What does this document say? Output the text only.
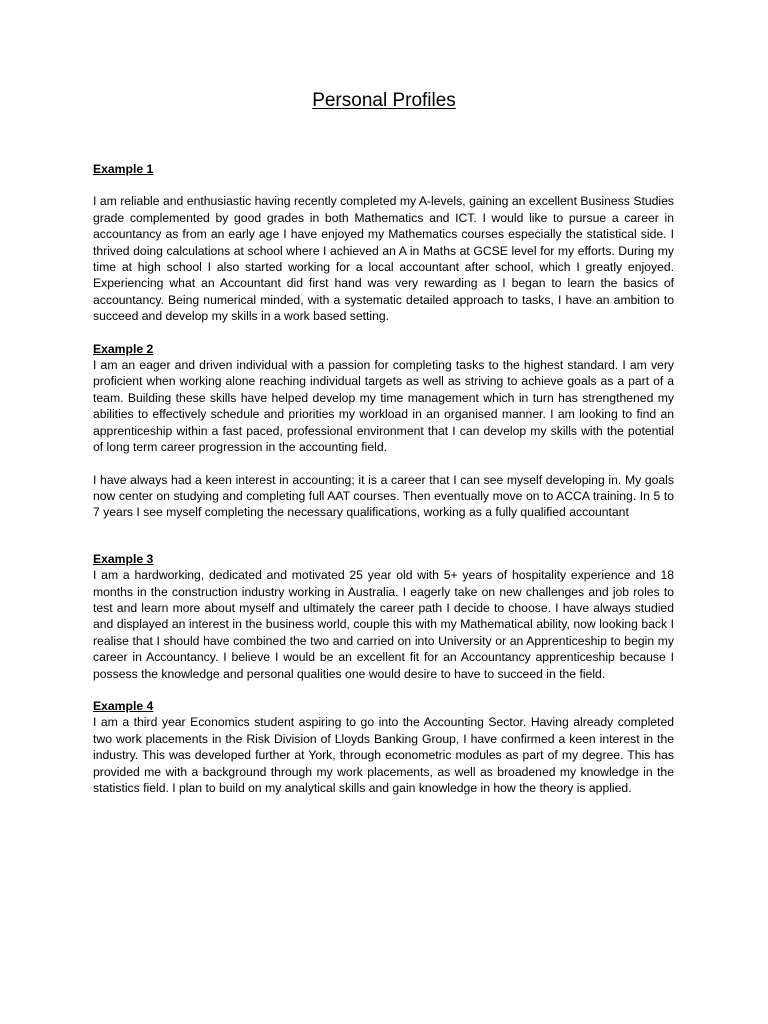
Personal Profiles

Example 1

I am reliable and enthusiastic having recently completed my A-levels, gaining an excellent Business Studies grade complemented by good grades in both Mathematics and ICT. I would like to pursue a career in accountancy as from an early age I have enjoyed my Mathematics courses especially the statistical side. I thrived doing calculations at school where I achieved an A in Maths at GCSE level for my efforts. During my time at high school I also started working for a local accountant after school, which I greatly enjoyed. Experiencing what an Accountant did first hand was very rewarding as I began to learn the basics of accountancy. Being numerical minded, with a systematic detailed approach to tasks, I have an ambition to succeed and develop my skills in a work based setting.

Example 2

I am an eager and driven individual with a passion for completing tasks to the highest standard. I am very proficient when working alone reaching individual targets as well as striving to achieve goals as a part of a team. Building these skills have helped develop my time management which in turn has strengthened my abilities to effectively schedule and priorities my workload in an organised manner. I am looking to find an apprenticeship within a fast paced, professional environment that I can develop my skills with the potential of long term career progression in the accounting field.

I have always had a keen interest in accounting; it is a career that I can see myself developing in. My goals now center on studying and completing full AAT courses. Then eventually move on to ACCA training. In 5 to 7 years I see myself completing the necessary qualifications, working as a fully qualified accountant

Example 3

I am a hardworking, dedicated and motivated 25 year old with 5+ years of hospitality experience and 18 months in the construction industry working in Australia. I eagerly take on new challenges and job roles to test and learn more about myself and ultimately the career path I decide to choose. I have always studied and displayed an interest in the business world, couple this with my Mathematical ability, now looking back I realise that I should have combined the two and carried on into University or an Apprenticeship to begin my career in Accountancy. I believe I would be an excellent fit for an Accountancy apprenticeship because I possess the knowledge and personal qualities one would desire to have to succeed in the field.

Example 4

I am a third year Economics student aspiring to go into the Accounting Sector. Having already completed two work placements in the Risk Division of Lloyds Banking Group, I have confirmed a keen interest in the industry. This was developed further at York, through econometric modules as part of my degree. This has provided me with a background through my work placements, as well as broadened my knowledge in the statistics field. I plan to build on my analytical skills and gain knowledge in how the theory is applied.
